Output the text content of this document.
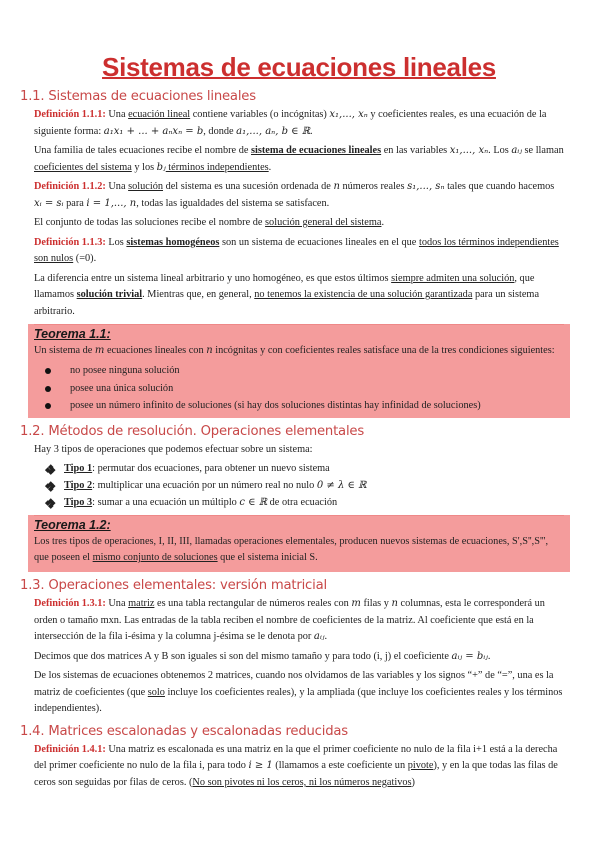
Sistemas de ecuaciones lineales
1.1. Sistemas de ecuaciones lineales

Definición 1.1.1: Una ecuación lineal contiene variables (o incógnitas) x₁,..., xₙ y coeficientes reales, es una ecuación de la siguiente forma: a₁x₁ + ... + aₙxₙ = b, donde a₁,..., aₙ, b ∈ ℝ.

Una familia de tales ecuaciones recibe el nombre de sistema de ecuaciones lineales en las variables x₁,..., xₙ. Los aᵢⱼ se llaman coeficientes del sistema y los bⱼ términos independientes.

Definición 1.1.2: Una solución del sistema es una sucesión ordenada de n números reales s₁,..., sₙ tales que cuando hacemos xᵢ = sᵢ para i = 1,..., n, todas las igualdades del sistema se satisfacen.

El conjunto de todas las soluciones recibe el nombre de solución general del sistema.

Definición 1.1.3: Los sistemas homogéneos son un sistema de ecuaciones lineales en el que todos los términos independientes son nulos (=0).

La diferencia entre un sistema lineal arbitrario y uno homogéneo, es que estos últimos siempre admiten una solución, que llamamos solución trivial. Mientras que, en general, no tenemos la existencia de una solución garantizada para un sistema arbitrario.

Teorema 1.1:

Un sistema de m ecuaciones lineales con n incógnitas y con coeficientes reales satisface una de la tres condiciones siguientes:

no posee ninguna solución
posee una única solución
posee un número infinito de soluciones (si hay dos soluciones distintas hay infinidad de soluciones)
1.2. Métodos de resolución. Operaciones elementales

Hay 3 tipos de operaciones que podemos efectuar sobre un sistema:

Tipo 1: permutar dos ecuaciones, para obtener un nuevo sistema
Tipo 2: multiplicar una ecuación por un número real no nulo 0 ≠ λ ∈ ℝ
Tipo 3: sumar a una ecuación un múltiplo c ∈ ℝ de otra ecuación
Teorema 1.2:

Los tres tipos de operaciones, I, II, III, llamadas operaciones elementales, producen nuevos sistemas de ecuaciones, S',S'',S''', que poseen el mismo conjunto de soluciones que el sistema inicial S.

1.3. Operaciones elementales: versión matricial

Definición 1.3.1: Una matriz es una tabla rectangular de números reales con m filas y n columnas, esta le corresponderá un orden o tamaño mxn. Las entradas de la tabla reciben el nombre de coeficientes de la matriz. Al coeficiente que está en la intersección de la fila i-ésima y la columna j-ésima se le denota por aᵢⱼ.

Decimos que dos matrices A y B son iguales si son del mismo tamaño y para todo (i, j) el coeficiente aᵢⱼ = bᵢⱼ.

De los sistemas de ecuaciones obtenemos 2 matrices, cuando nos olvidamos de las variables y los signos “+” de “=”, una es la matriz de coeficientes (que solo incluye los coeficientes reales), y la ampliada (que incluye los coeficientes reales y los términos independientes).

1.4. Matrices escalonadas y escalonadas reducidas

Definición 1.4.1: Una matriz es escalonada es una matriz en la que el primer coeficiente no nulo de la fila i+1 está a la derecha del primer coeficiente no nulo de la fila i, para todo i ≥ 1 (llamamos a este coeficiente un pivote), y en la que todas las filas de ceros son seguidas por filas de ceros. (No son pivotes ni los ceros, ni los números negativos)
